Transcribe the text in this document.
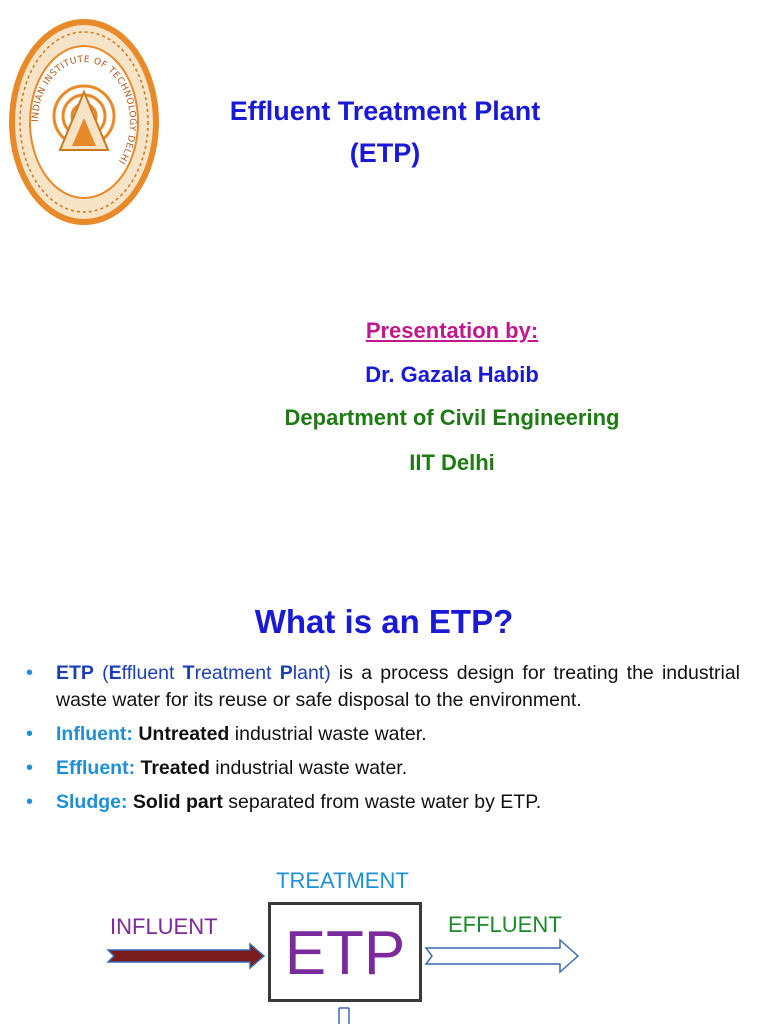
INDIAN INSTITUTE OF TECHNOLOGY DELHI
Effluent Treatment Plant
(ETP)
Presentation by:
Dr. Gazala Habib
Department of Civil Engineering
IIT Delhi
What is an ETP?
• ETP (Effluent Treatment Plant) is a process design for treating the industrial waste water for its reuse or safe disposal to the environment.
• Influent: Untreated industrial waste water.
• Effluent: Treated industrial waste water.
• Sludge: Solid part separated from waste water by ETP.
TREATMENT
INFLUENT	EFFLUENT
ETP
